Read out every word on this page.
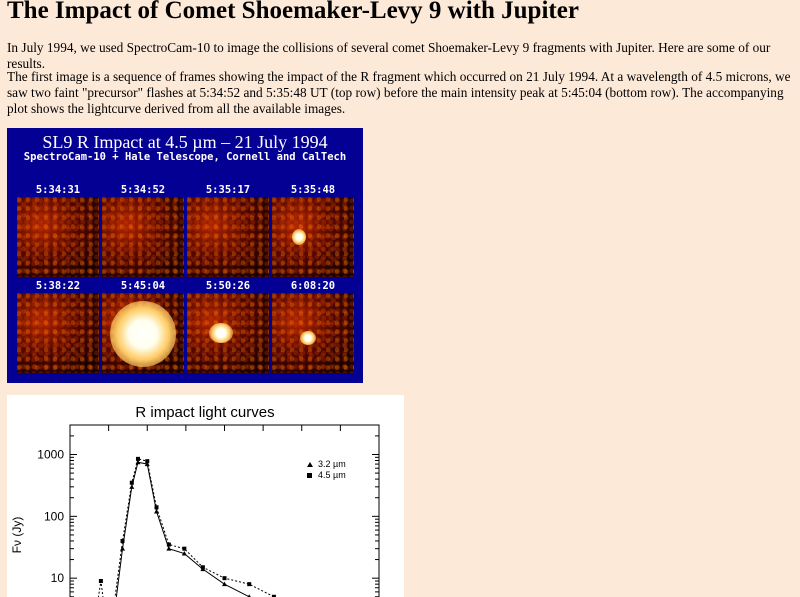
The Impact of Comet Shoemaker-Levy 9 with Jupiter

In July 1994, we used SpectroCam-10 to image the collisions of several comet Shoemaker-Levy 9 fragments with Jupiter. Here are some of our results.

The first image is a sequence of frames showing the impact of the R fragment which occurred on 21 July 1994. At a wavelength of 4.5 microns, we saw two faint "precursor" flashes at 5:34:52 and 5:35:48 UT (top row) before the main intensity peak at 5:45:04 (bottom row). The accompanying plot shows the lightcurve derived from all the available images.

SL9 R Impact at 4.5 µm – 21 July 1994
SpectroCam-10 + Hale Telescope, Cornell and CalTech
5:34:31	5:34:52	5:35:17	5:35:48
5:38:22	5:45:04	5:50:26	6:08:20
R impact light curves
Fν (Jy)
1000
100
10
3.2 µm
4.5 µm
